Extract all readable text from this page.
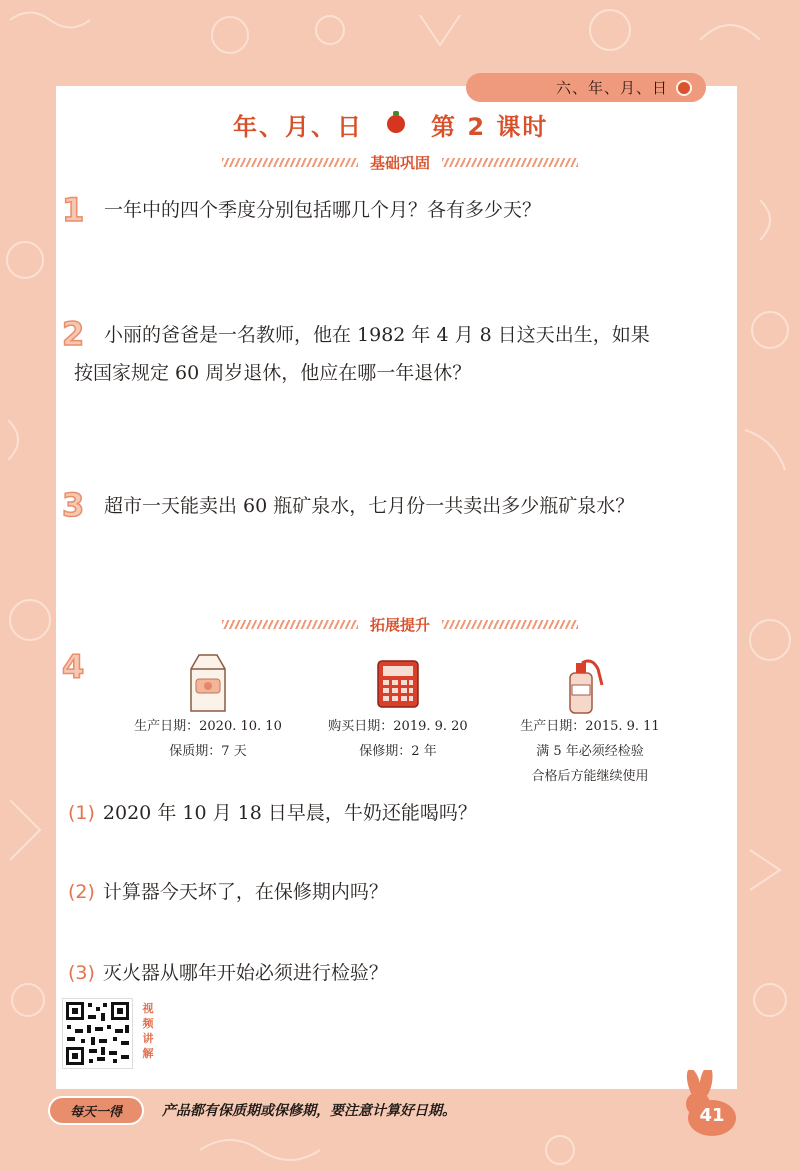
六、年、月、日
年、月、日	第 2 课时
基础巩固
1 一年中的四个季度分别包括哪几个月？各有多少天？
2 小丽的爸爸是一名教师，他在 1982 年 4 月 8 日这天出生，如果
按国家规定 60 周岁退休，他应在哪一年退休？
3 超市一天能卖出 60 瓶矿泉水，七月份一共卖出多少瓶矿泉水？
拓展提升
4
生产日期：2020. 10. 10
保质期：7 天
购买日期：2019. 9. 20
保修期：2 年
生产日期：2015. 9. 11
满 5 年必须经检验
合格后方能继续使用
(1) 2020 年 10 月 18 日早晨，牛奶还能喝吗？
(2) 计算器今天坏了，在保修期内吗？
(3) 灭火器从哪年开始必须进行检验？
视频讲解
每天一得	产品都有保质期或保修期，要注意计算好日期。	41
